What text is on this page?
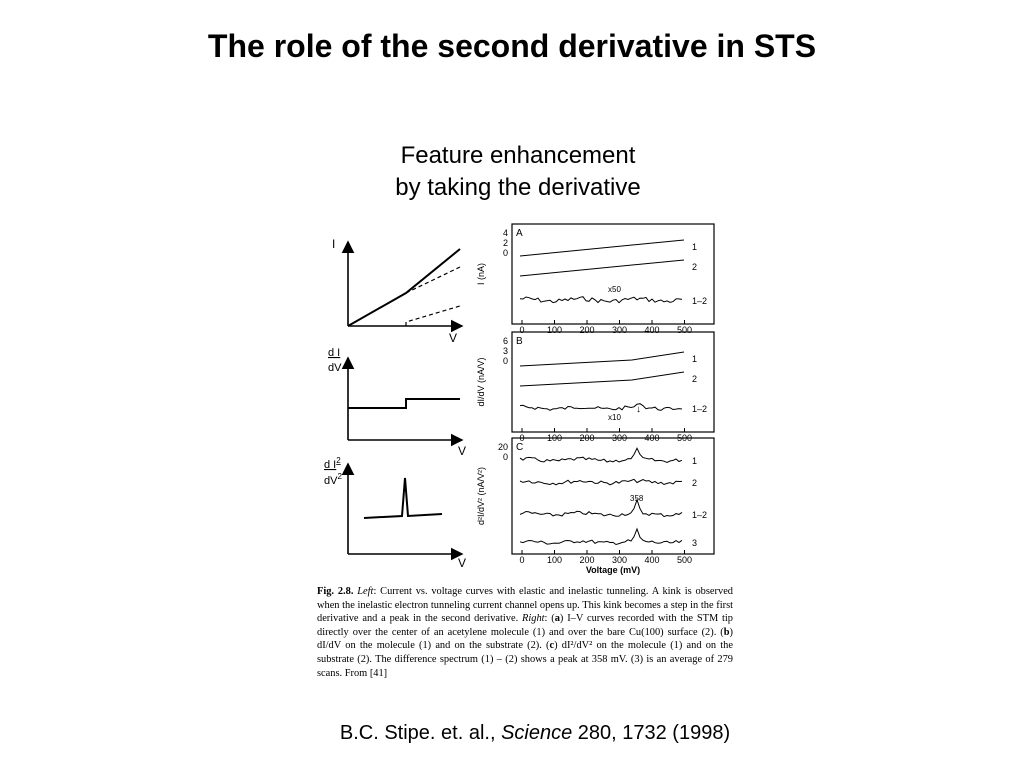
The role of the second derivative in STS
Feature enhancement
by taking the derivative
I
V
d I
dV
V
d $I^2$
$dV^2$
V
A
I (nA)
4
2
0
0 100 200 300 400 500
1
2
1–2
x50
B
dI/dV (nA/V)
6
3
0
0 100 200 300 400 500
1
2
1–2
x10
↓
C
d²I/dV² (nA/V²)
20
0
0 100 200 300 400 500
1
2
1–2
3
358
Voltage (mV)
Fig. 2.8. Left: Current vs. voltage curves with elastic and inelastic tunneling. A kink is observed when the inelastic electron tunneling current channel opens up. This kink becomes a step in the first derivative and a peak in the second derivative. Right: (a) I–V curves recorded with the STM tip directly over the center of an acetylene molecule (1) and over the bare Cu(100) surface (2). (b) dI/dV on the molecule (1) and on the substrate (2). (c) dI²/dV² on the molecule (1) and on the substrate (2). The difference spectrum (1) – (2) shows a peak at 358 mV. (3) is an average of 279 scans. From [41]
B.C. Stipe. et. al., Science 280, 1732 (1998)
